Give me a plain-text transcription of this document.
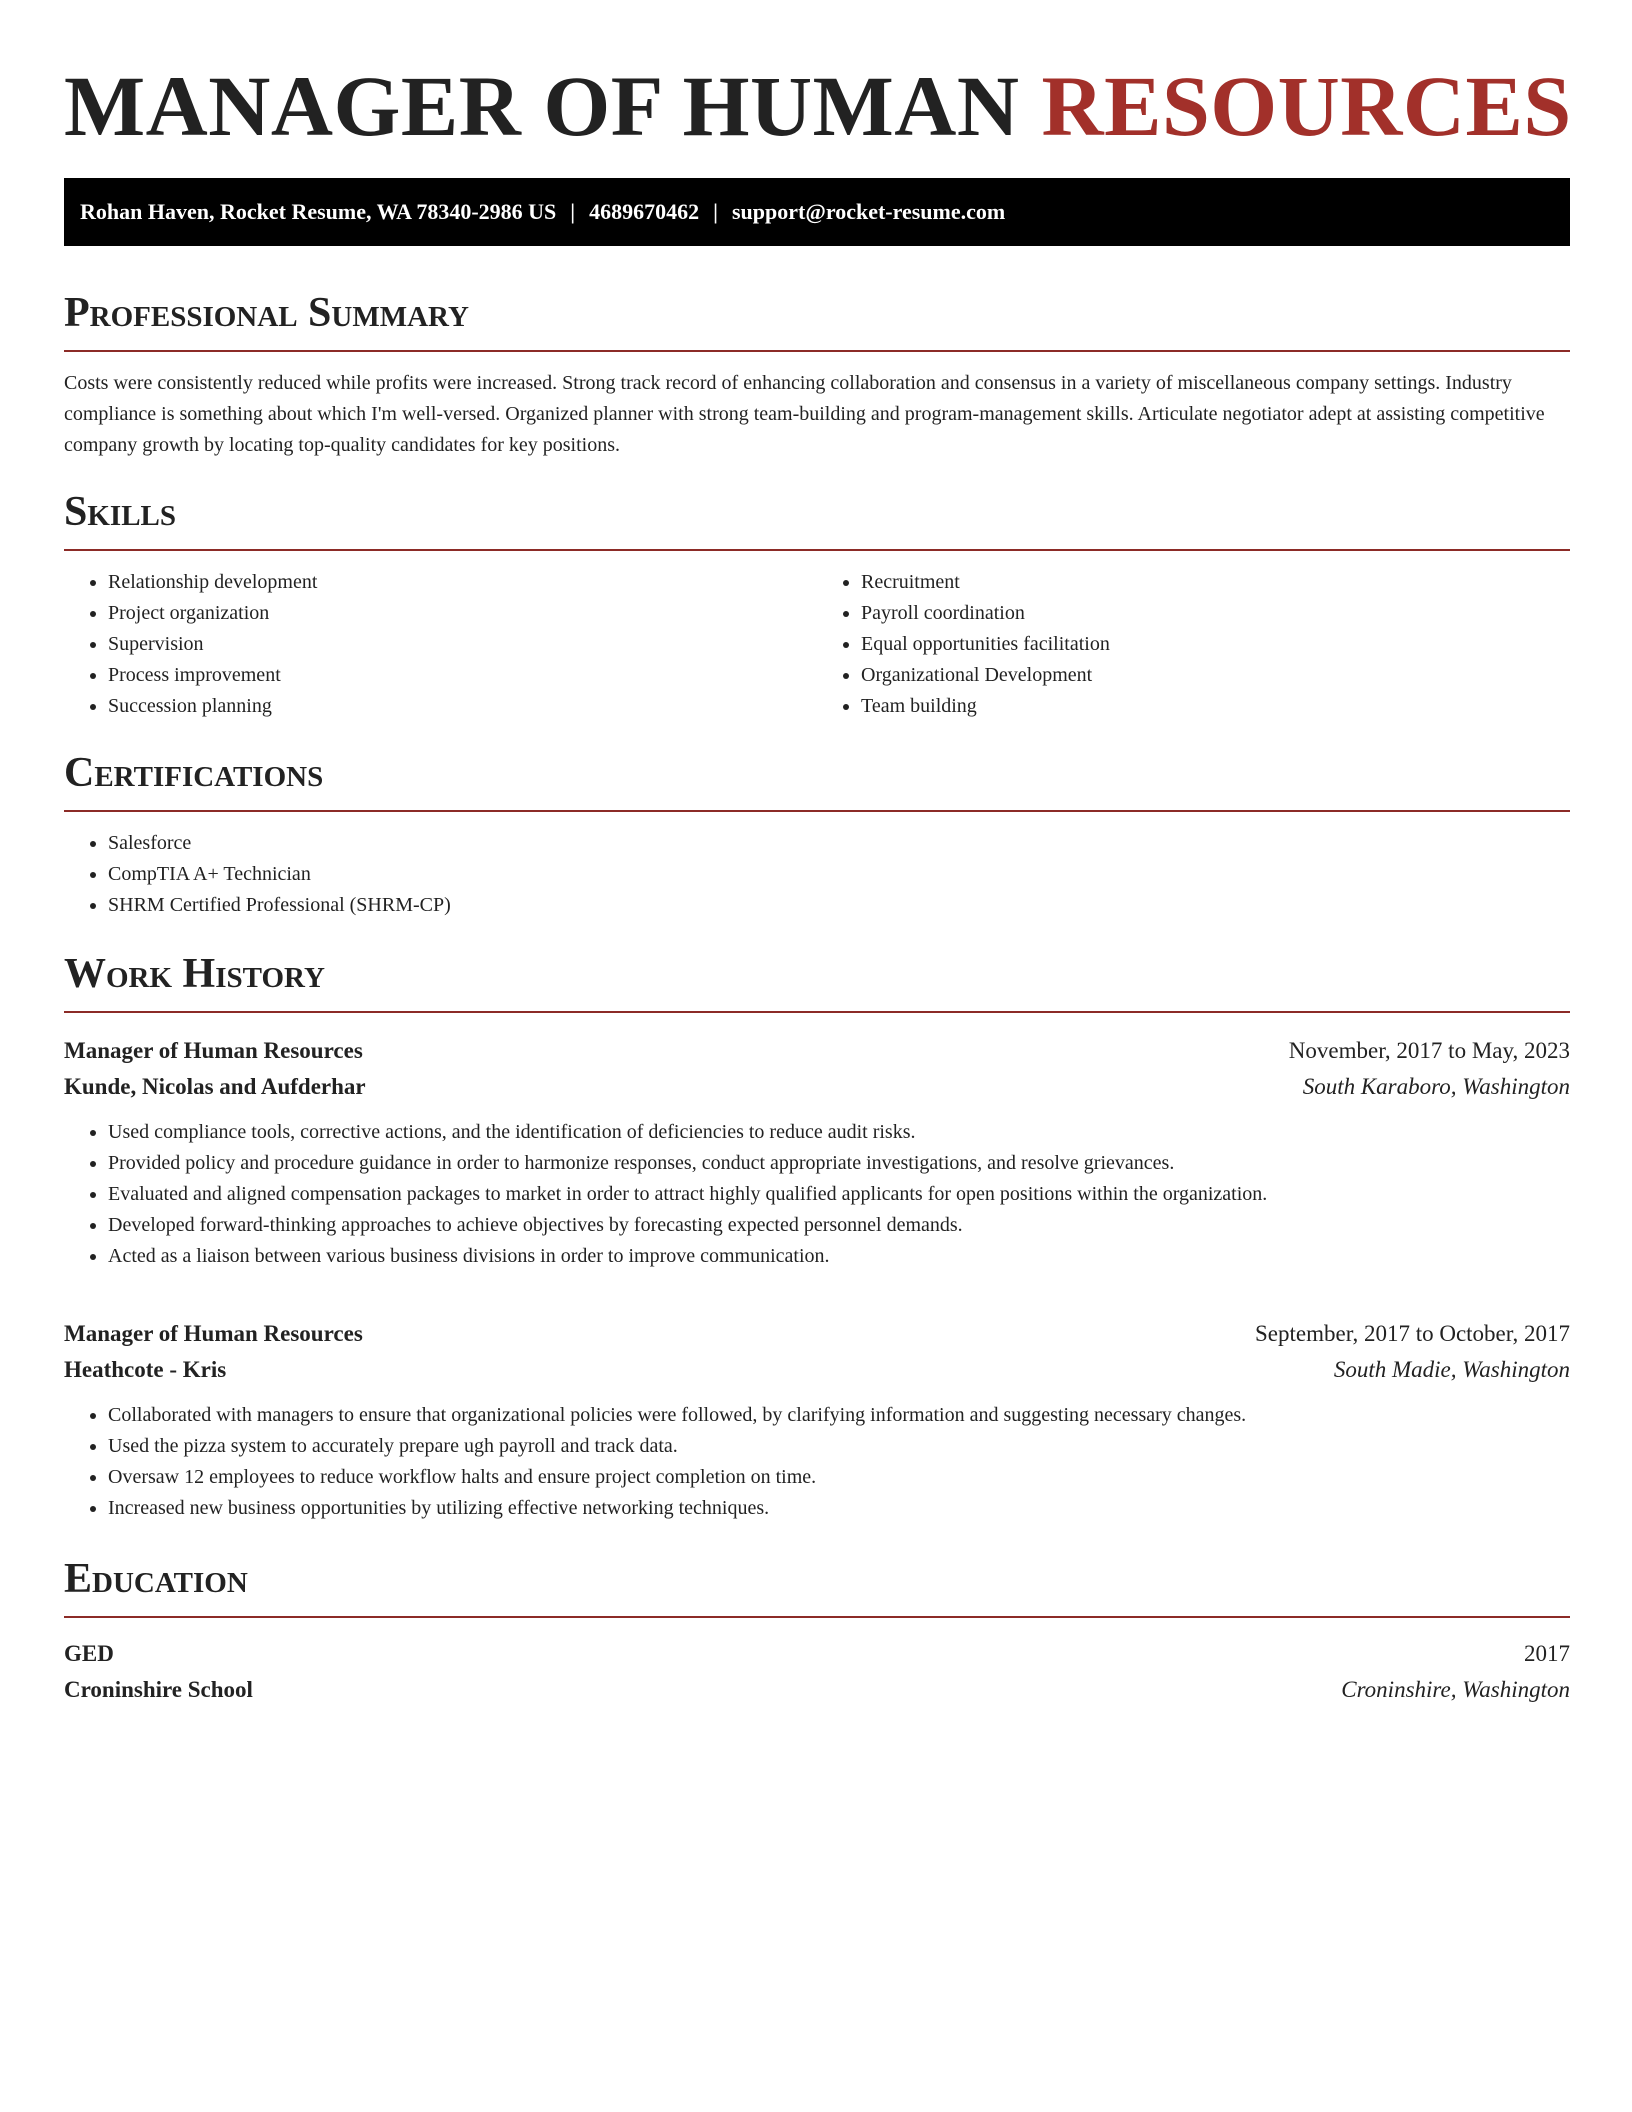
MANAGER OF HUMAN RESOURCES
Rohan Haven, Rocket Resume, WA 78340-2986 US | 4689670462 | support@rocket-resume.com
Professional Summary

Costs were consistently reduced while profits were increased. Strong track record of enhancing collaboration and consensus in a variety of miscellaneous company settings. Industry compliance is something about which I'm well-versed. Organized planner with strong team-building and program-management skills. Articulate negotiator adept at assisting competitive company growth by locating top-quality candidates for key positions.

Skills
• Relationship development
• Project organization
• Supervision
• Process improvement
• Succession planning
• Recruitment
• Payroll coordination
• Equal opportunities facilitation
• Organizational Development
• Team building
Certifications
• Salesforce
• CompTIA A+ Technician
• SHRM Certified Professional (SHRM-CP)
Work History
Manager of Human Resources	November, 2017 to May, 2023
Kunde, Nicolas and Aufderhar	South Karaboro, Washington
• Used compliance tools, corrective actions, and the identification of deficiencies to reduce audit risks.
• Provided policy and procedure guidance in order to harmonize responses, conduct appropriate investigations, and resolve grievances.
• Evaluated and aligned compensation packages to market in order to attract highly qualified applicants for open positions within the organization.
• Developed forward-thinking approaches to achieve objectives by forecasting expected personnel demands.
• Acted as a liaison between various business divisions in order to improve communication.
Manager of Human Resources	September, 2017 to October, 2017
Heathcote - Kris	South Madie, Washington
• Collaborated with managers to ensure that organizational policies were followed, by clarifying information and suggesting necessary changes.
• Used the pizza system to accurately prepare ugh payroll and track data.
• Oversaw 12 employees to reduce workflow halts and ensure project completion on time.
• Increased new business opportunities by utilizing effective networking techniques.
Education
GED	2017
Croninshire School	Croninshire, Washington
